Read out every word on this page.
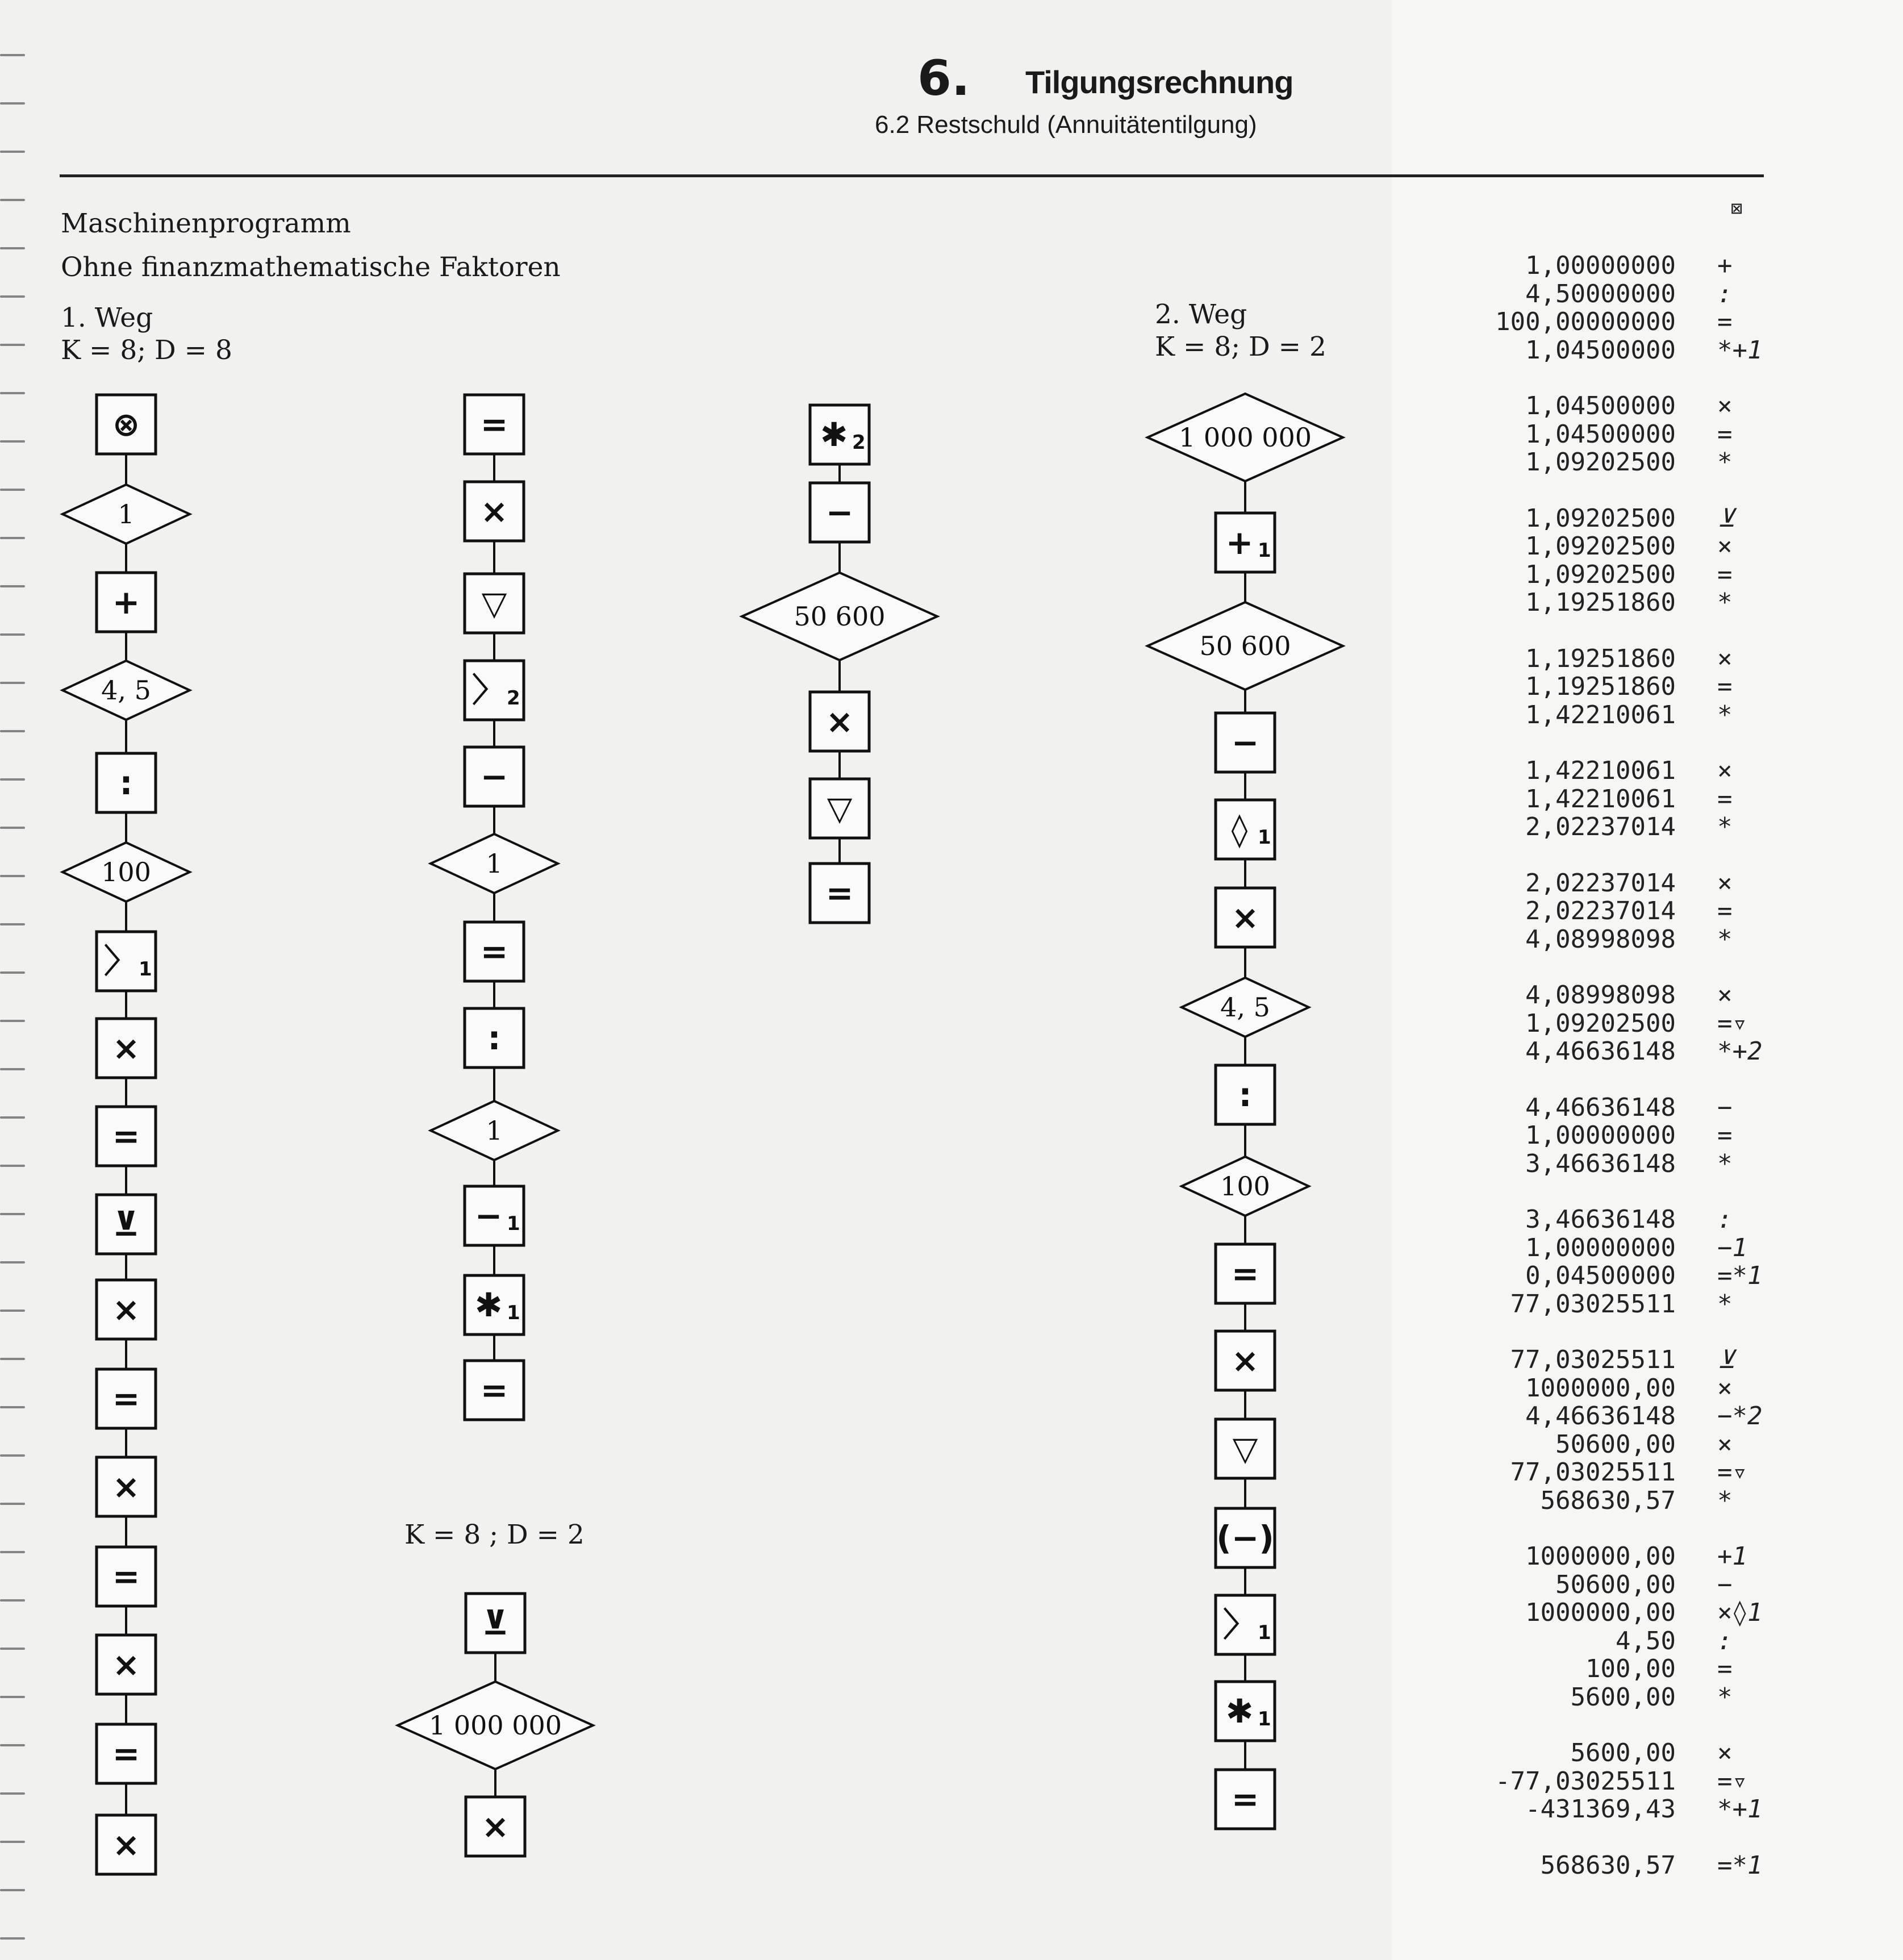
6. Tilgungsrechnung
6.2 Restschuld (Annuitätentilgung)
Maschinenprogramm
Ohne finanzmathematische Faktoren
1. Weg
K = 8; D = 8
2. Weg
K = 8; D = 2
K = 8 ; D = 2
⊗
1
+
4, 5
:
100
〉 1
×
=
⊻
×
=
×
=
×
=
×
=
×
▽
〉 2
−
1
=
:
1
− 1
✱ 1
=
⊻
1 000 000
×
✱ 2
−
50 600
×
▽
=
1 000 000
+ 1
50 600
−
◊ 1
×
4, 5
:
100
=
×
▽
(−)
〉 1
✱ 1
=
⊠
1,00000000 +
4,50000000 :
100,00000000 =
1,04500000 *+1
1,04500000 ×
1,04500000 =
1,09202500 *
1,09202500 ⊻
1,09202500 ×
1,09202500 =
1,19251860 *
1,19251860 ×
1,19251860 =
1,42210061 *
1,42210061 ×
1,42210061 =
2,02237014 *
2,02237014 ×
2,02237014 =
4,08998098 *
4,08998098 ×
1,09202500 =▿
4,46636148 *+2
4,46636148 −
1,00000000 =
3,46636148 *
3,46636148 :
1,00000000 −1
0,04500000 =*1
77,03025511 *
77,03025511 ⊻
1000000,00 ×
4,46636148 −*2
50600,00 ×
77,03025511 =▿
568630,57 *
1000000,00 +1
50600,00 −
1000000,00 ×◊1
4,50 :
100,00 =
5600,00 *
5600,00 ×
-77,03025511 =▿
-431369,43 *+1
568630,57 =*1
